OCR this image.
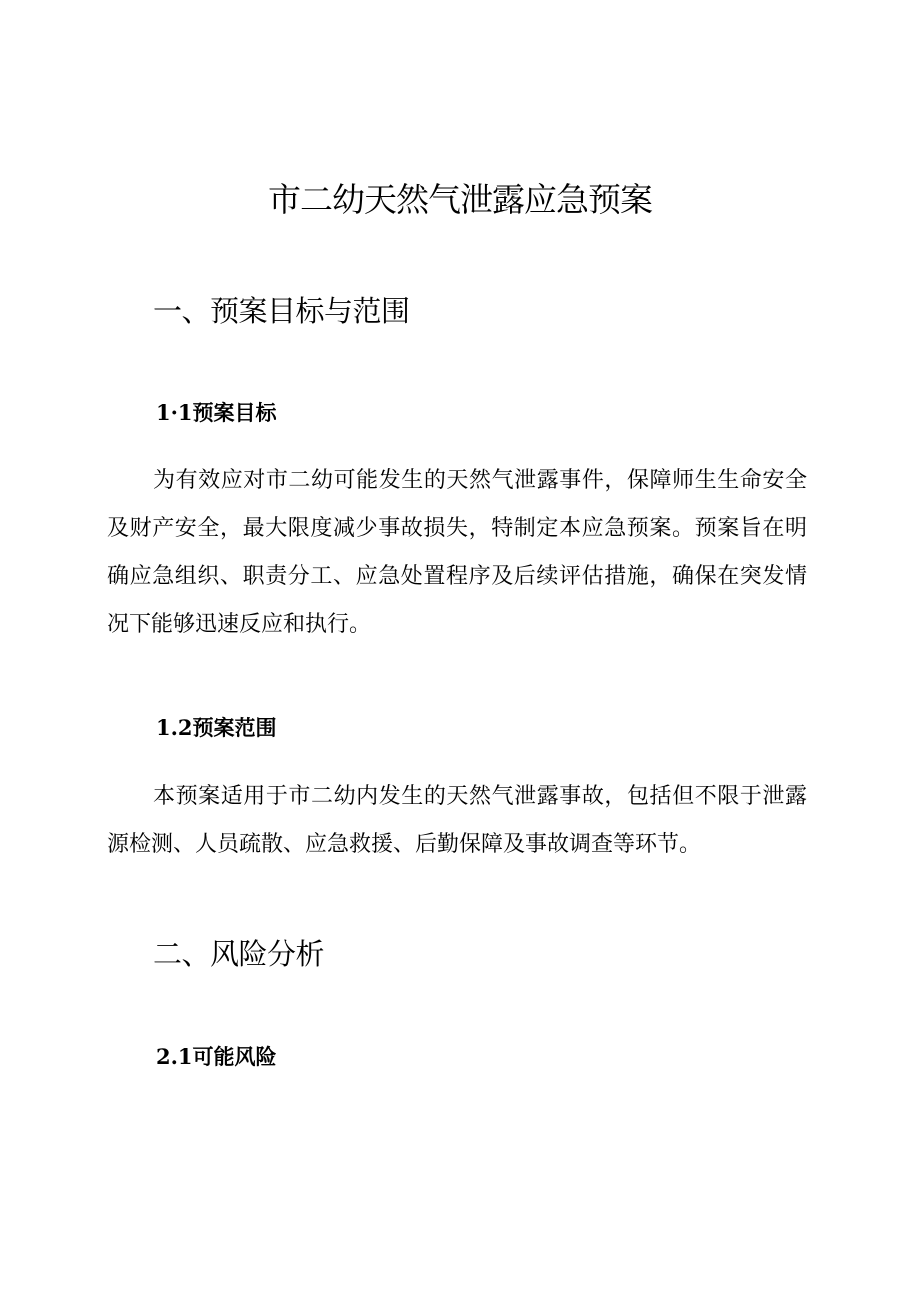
市二幼天然气泄露应急预案
一、预案目标与范围
1·1预案目标

为有效应对市二幼可能发生的天然气泄露事件，保障师生生命安全及财产安全，最大限度减少事故损失，特制定本应急预案。预案旨在明确应急组织、职责分工、应急处置程序及后续评估措施，确保在突发情况下能够迅速反应和执行。

1.2预案范围

本预案适用于市二幼内发生的天然气泄露事故，包括但不限于泄露源检测、人员疏散、应急救援、后勤保障及事故调查等环节。

二、风险分析
2.1可能风险
